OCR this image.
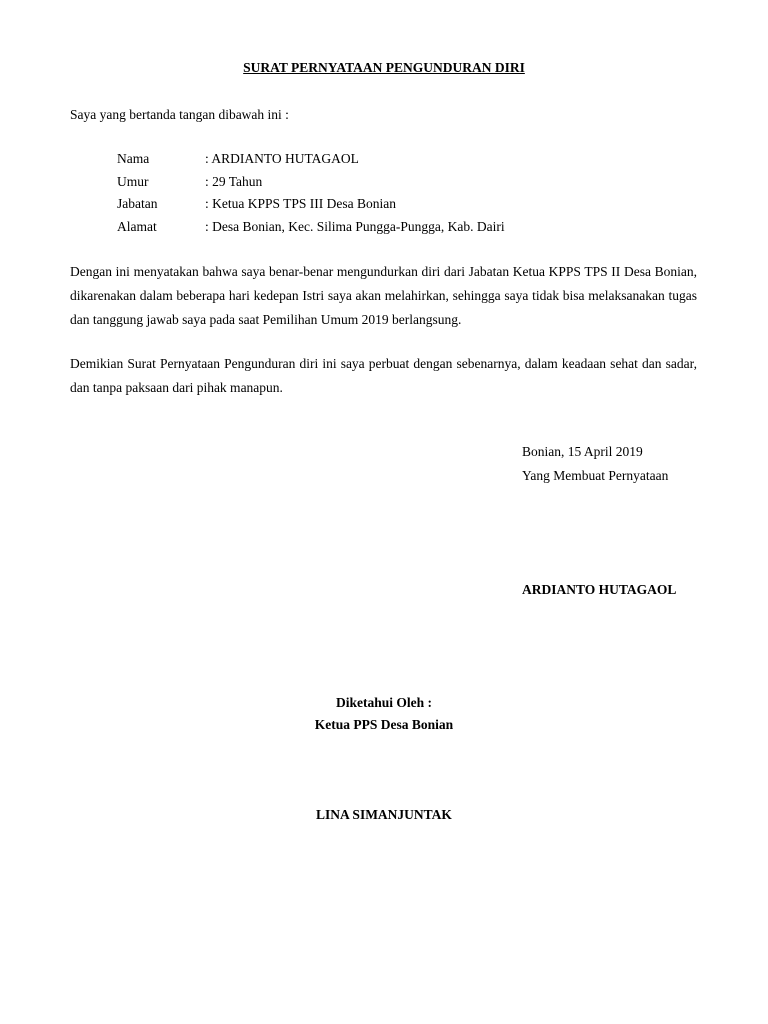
SURAT PERNYATAAN PENGUNDURAN DIRI
Saya yang bertanda tangan dibawah ini :
Nama	: ARDIANTO HUTAGAOL
Umur	: 29 Tahun
Jabatan	: Ketua KPPS TPS III Desa Bonian
Alamat	: Desa Bonian, Kec. Silima Pungga-Pungga, Kab. Dairi
Dengan ini menyatakan bahwa saya benar-benar mengundurkan diri dari Jabatan Ketua KPPS TPS II Desa Bonian, dikarenakan dalam beberapa hari kedepan Istri saya akan melahirkan, sehingga saya tidak bisa melaksanakan tugas dan tanggung jawab saya pada saat Pemilihan Umum 2019 berlangsung.
Demikian Surat Pernyataan Pengunduran diri ini saya perbuat dengan sebenarnya, dalam keadaan sehat dan sadar, dan tanpa paksaan dari pihak manapun.
Bonian, 15 April 2019
Yang Membuat Pernyataan
ARDIANTO HUTAGAOL
Diketahui Oleh :
Ketua PPS Desa Bonian
LINA SIMANJUNTAK
